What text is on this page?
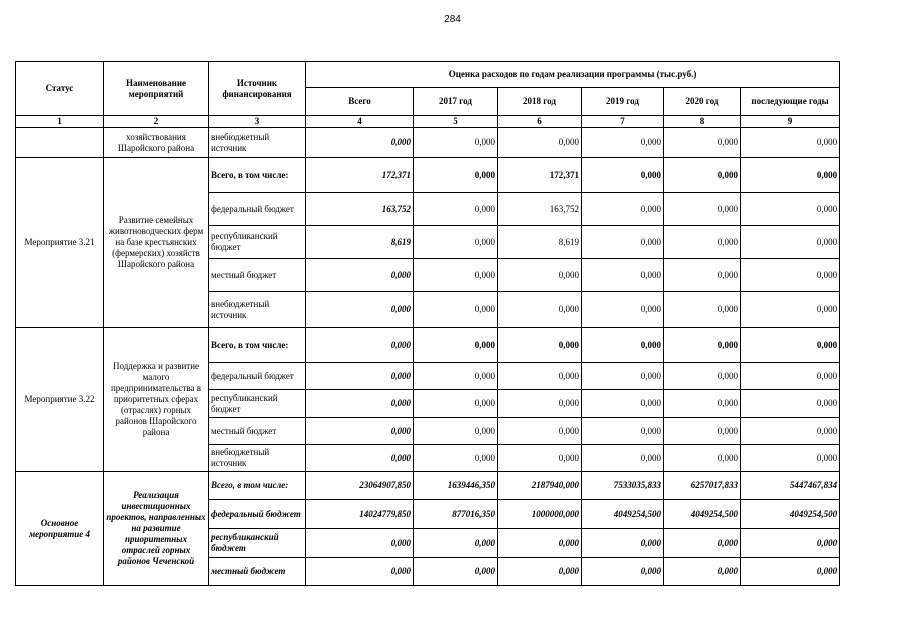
284
Статус	Наименование мероприятий	Источник финансирования	Оценка расходов по годам реализации программы (тыс.руб.)					
			Всего	2017 год	2018 год	2019 год	2020 год	последующие годы
1	2	3	4	5	6	7	8	9
	хозяйствования Шаройского района	внебюджетный источник	0,000	0,000	0,000	0,000	0,000	0,000
Мероприятие 3.21	Развитие семейных животноводческих ферм на базе крестьянских (фермерских) хозяйств Шаройского района	Всего, в том числе:	172,371	0,000	172,371	0,000	0,000	0,000
		федеральный бюджет	163,752	0,000	163,752	0,000	0,000	0,000
		республиканский бюджет	8,619	0,000	8,619	0,000	0,000	0,000
		местный бюджет	0,000	0,000	0,000	0,000	0,000	0,000
		внебюджетный источник	0,000	0,000	0,000	0,000	0,000	0,000
Мероприятие 3.22	Поддержка и развитие малого предпринимательства в приоритетных сферах (отраслях) горных районов Шаройского района	Всего, в том числе:	0,000	0,000	0,000	0,000	0,000	0,000
		федеральный бюджет	0,000	0,000	0,000	0,000	0,000	0,000
		республиканский бюджет	0,000	0,000	0,000	0,000	0,000	0,000
		местный бюджет	0,000	0,000	0,000	0,000	0,000	0,000
		внебюджетный источник	0,000	0,000	0,000	0,000	0,000	0,000
Основное мероприятие 4	Реализация инвестиционных проектов, направленных на развитие приоритетных отраслей горных районов Чеченской	Всего, в том числе:	23064907,850	1639446,350	2187940,000	7533035,833	6257017,833	5447467,834
		федеральный бюджет	14024779,850	877016,350	1000000,000	4049254,500	4049254,500	4049254,500
		республиканский бюджет	0,000	0,000	0,000	0,000	0,000	0,000
		местный бюджет	0,000	0,000	0,000	0,000	0,000	0,000
